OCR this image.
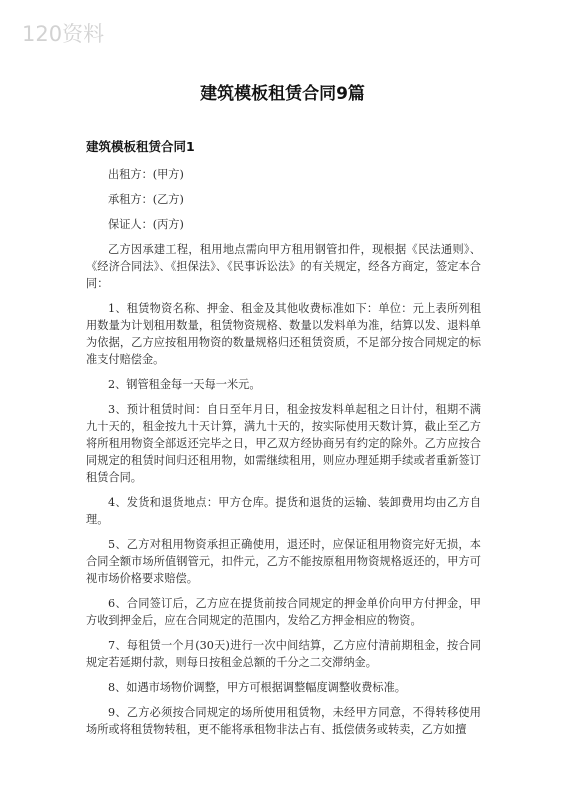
120资料
建筑模板租赁合同9篇
建筑模板租赁合同1

出租方：(甲方)

承租方：(乙方)

保证人：(丙方)

乙方因承建工程，租用地点需向甲方租用钢管扣件，现根据《民法通则》、《经济合同法》、《担保法》、《民事诉讼法》的有关规定，经各方商定，签定本合同：

1、租赁物资名称、押金、租金及其他收费标准如下：单位：元上表所列租用数量为计划租用数量，租赁物资规格、数量以发料单为准，结算以发、退料单为依据，乙方应按租用物资的数量规格归还租赁资质，不足部分按合同规定的标准支付赔偿金。

2、钢管租金每一天每一米元。

3、预计租赁时间：自日至年月日，租金按发料单起租之日计付，租期不满九十天的，租金按九十天计算，满九十天的，按实际使用天数计算，截止至乙方将所租用物资全部返还完毕之日，甲乙双方经协商另有约定的除外。乙方应按合同规定的租赁时间归还租用物，如需继续租用，则应办理延期手续或者重新签订租赁合同。

4、发货和退货地点：甲方仓库。提货和退货的运输、装卸费用均由乙方自理。

5、乙方对租用物资承担正确使用，退还时，应保证租用物资完好无损，本合同全额市场所值钢管元，扣件元，乙方不能按原租用物资规格返还的，甲方可视市场价格要求赔偿。

6、合同签订后，乙方应在提货前按合同规定的押金单价向甲方付押金，甲方收到押金后，应在合同规定的范围内，发给乙方押金相应的物资。

7、每租赁一个月(30天)进行一次中间结算，乙方应付清前期租金，按合同规定若延期付款，则每日按租金总额的千分之二交滞纳金。

8、如遇市场物价调整，甲方可根据调整幅度调整收费标准。

9、乙方必须按合同规定的场所使用租赁物，未经甲方同意，不得转移使用场所或将租赁物转租，更不能将承租物非法占有、抵偿债务或转卖，乙方如擅
